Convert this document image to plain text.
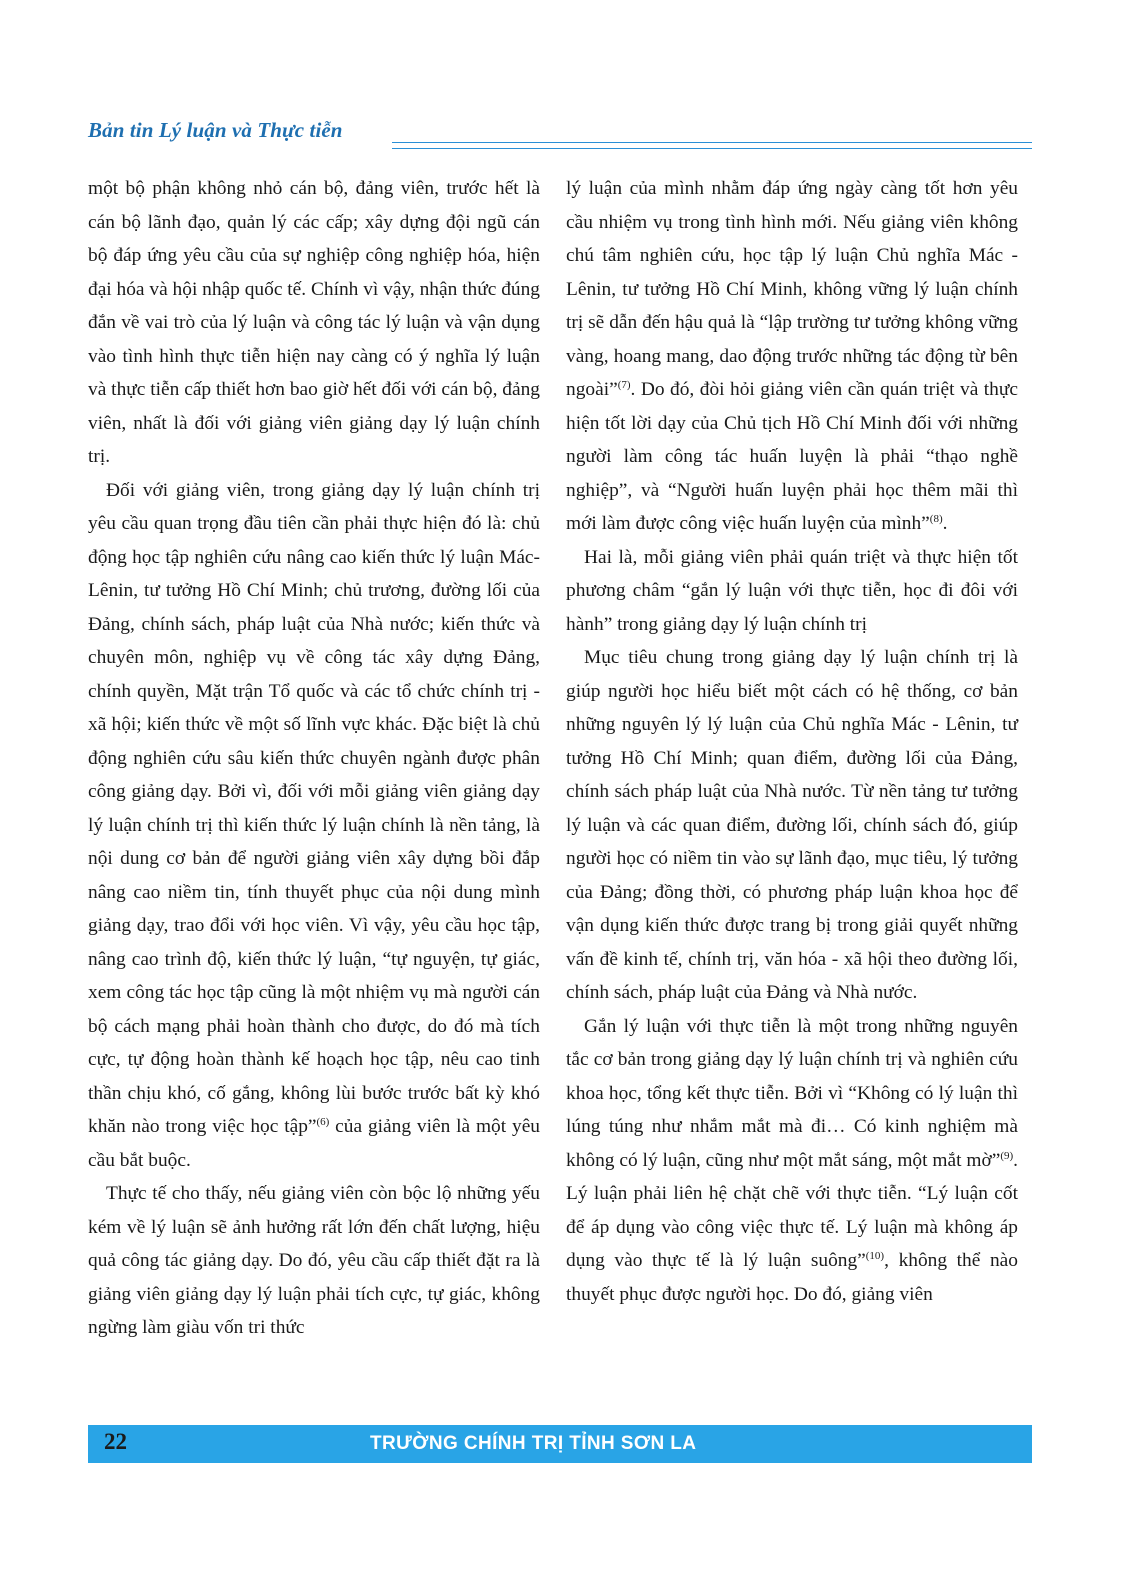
Bản tin Lý luận và Thực tiễn

một bộ phận không nhỏ cán bộ, đảng viên, trước hết là cán bộ lãnh đạo, quản lý các cấp; xây dựng đội ngũ cán bộ đáp ứng yêu cầu của sự nghiệp công nghiệp hóa, hiện đại hóa và hội nhập quốc tế. Chính vì vậy, nhận thức đúng đắn về vai trò của lý luận và công tác lý luận và vận dụng vào tình hình thực tiễn hiện nay càng có ý nghĩa lý luận và thực tiễn cấp thiết hơn bao giờ hết đối với cán bộ, đảng viên, nhất là đối với giảng viên giảng dạy lý luận chính trị.

Đối với giảng viên, trong giảng dạy lý luận chính trị yêu cầu quan trọng đầu tiên cần phải thực hiện đó là: chủ động học tập nghiên cứu nâng cao kiến thức lý luận Mác-Lênin, tư tưởng Hồ Chí Minh; chủ trương, đường lối của Đảng, chính sách, pháp luật của Nhà nước; kiến thức và chuyên môn, nghiệp vụ về công tác xây dựng Đảng, chính quyền, Mặt trận Tổ quốc và các tổ chức chính trị - xã hội; kiến thức về một số lĩnh vực khác. Đặc biệt là chủ động nghiên cứu sâu kiến thức chuyên ngành được phân công giảng dạy. Bởi vì, đối với mỗi giảng viên giảng dạy lý luận chính trị thì kiến thức lý luận chính là nền tảng, là nội dung cơ bản để người giảng viên xây dựng bồi đắp nâng cao niềm tin, tính thuyết phục của nội dung mình giảng dạy, trao đổi với học viên. Vì vậy, yêu cầu học tập, nâng cao trình độ, kiến thức lý luận, “tự nguyện, tự giác, xem công tác học tập cũng là một nhiệm vụ mà người cán bộ cách mạng phải hoàn thành cho được, do đó mà tích cực, tự động hoàn thành kế hoạch học tập, nêu cao tinh thần chịu khó, cố gắng, không lùi bước trước bất kỳ khó khăn nào trong việc học tập”$^{(6)}$ của giảng viên là một yêu cầu bắt buộc.

Thực tế cho thấy, nếu giảng viên còn bộc lộ những yếu kém về lý luận sẽ ảnh hưởng rất lớn đến chất lượng, hiệu quả công tác giảng dạy. Do đó, yêu cầu cấp thiết đặt ra là giảng viên giảng dạy lý luận phải tích cực, tự giác, không ngừng làm giàu vốn tri thức

lý luận của mình nhằm đáp ứng ngày càng tốt hơn yêu cầu nhiệm vụ trong tình hình mới. Nếu giảng viên không chú tâm nghiên cứu, học tập lý luận Chủ nghĩa Mác - Lênin, tư tưởng Hồ Chí Minh, không vững lý luận chính trị sẽ dẫn đến hậu quả là “lập trường tư tưởng không vững vàng, hoang mang, dao động trước những tác động từ bên ngoài”$^{(7)}$. Do đó, đòi hỏi giảng viên cần quán triệt và thực hiện tốt lời dạy của Chủ tịch Hồ Chí Minh đối với những người làm công tác huấn luyện là phải “thạo nghề nghiệp”, và “Người huấn luyện phải học thêm mãi thì mới làm được công việc huấn luyện của mình”$^{(8)}$.

Hai là, mỗi giảng viên phải quán triệt và thực hiện tốt phương châm “gắn lý luận với thực tiễn, học đi đôi với hành” trong giảng dạy lý luận chính trị

Mục tiêu chung trong giảng dạy lý luận chính trị là giúp người học hiểu biết một cách có hệ thống, cơ bản những nguyên lý lý luận của Chủ nghĩa Mác - Lênin, tư tưởng Hồ Chí Minh; quan điểm, đường lối của Đảng, chính sách pháp luật của Nhà nước. Từ nền tảng tư tưởng lý luận và các quan điểm, đường lối, chính sách đó, giúp người học có niềm tin vào sự lãnh đạo, mục tiêu, lý tưởng của Đảng; đồng thời, có phương pháp luận khoa học để vận dụng kiến thức được trang bị trong giải quyết những vấn đề kinh tế, chính trị, văn hóa - xã hội theo đường lối, chính sách, pháp luật của Đảng và Nhà nước.

Gắn lý luận với thực tiễn là một trong những nguyên tắc cơ bản trong giảng dạy lý luận chính trị và nghiên cứu khoa học, tổng kết thực tiễn. Bởi vì “Không có lý luận thì lúng túng như nhắm mắt mà đi… Có kinh nghiệm mà không có lý luận, cũng như một mắt sáng, một mắt mờ”$^{(9)}$. Lý luận phải liên hệ chặt chẽ với thực tiễn. “Lý luận cốt để áp dụng vào công việc thực tế. Lý luận mà không áp dụng vào thực tế là lý luận suông”$^{(10)}$, không thể nào thuyết phục được người học. Do đó, giảng viên

22	TRƯỜNG CHÍNH TRỊ TỈNH SƠN LA
